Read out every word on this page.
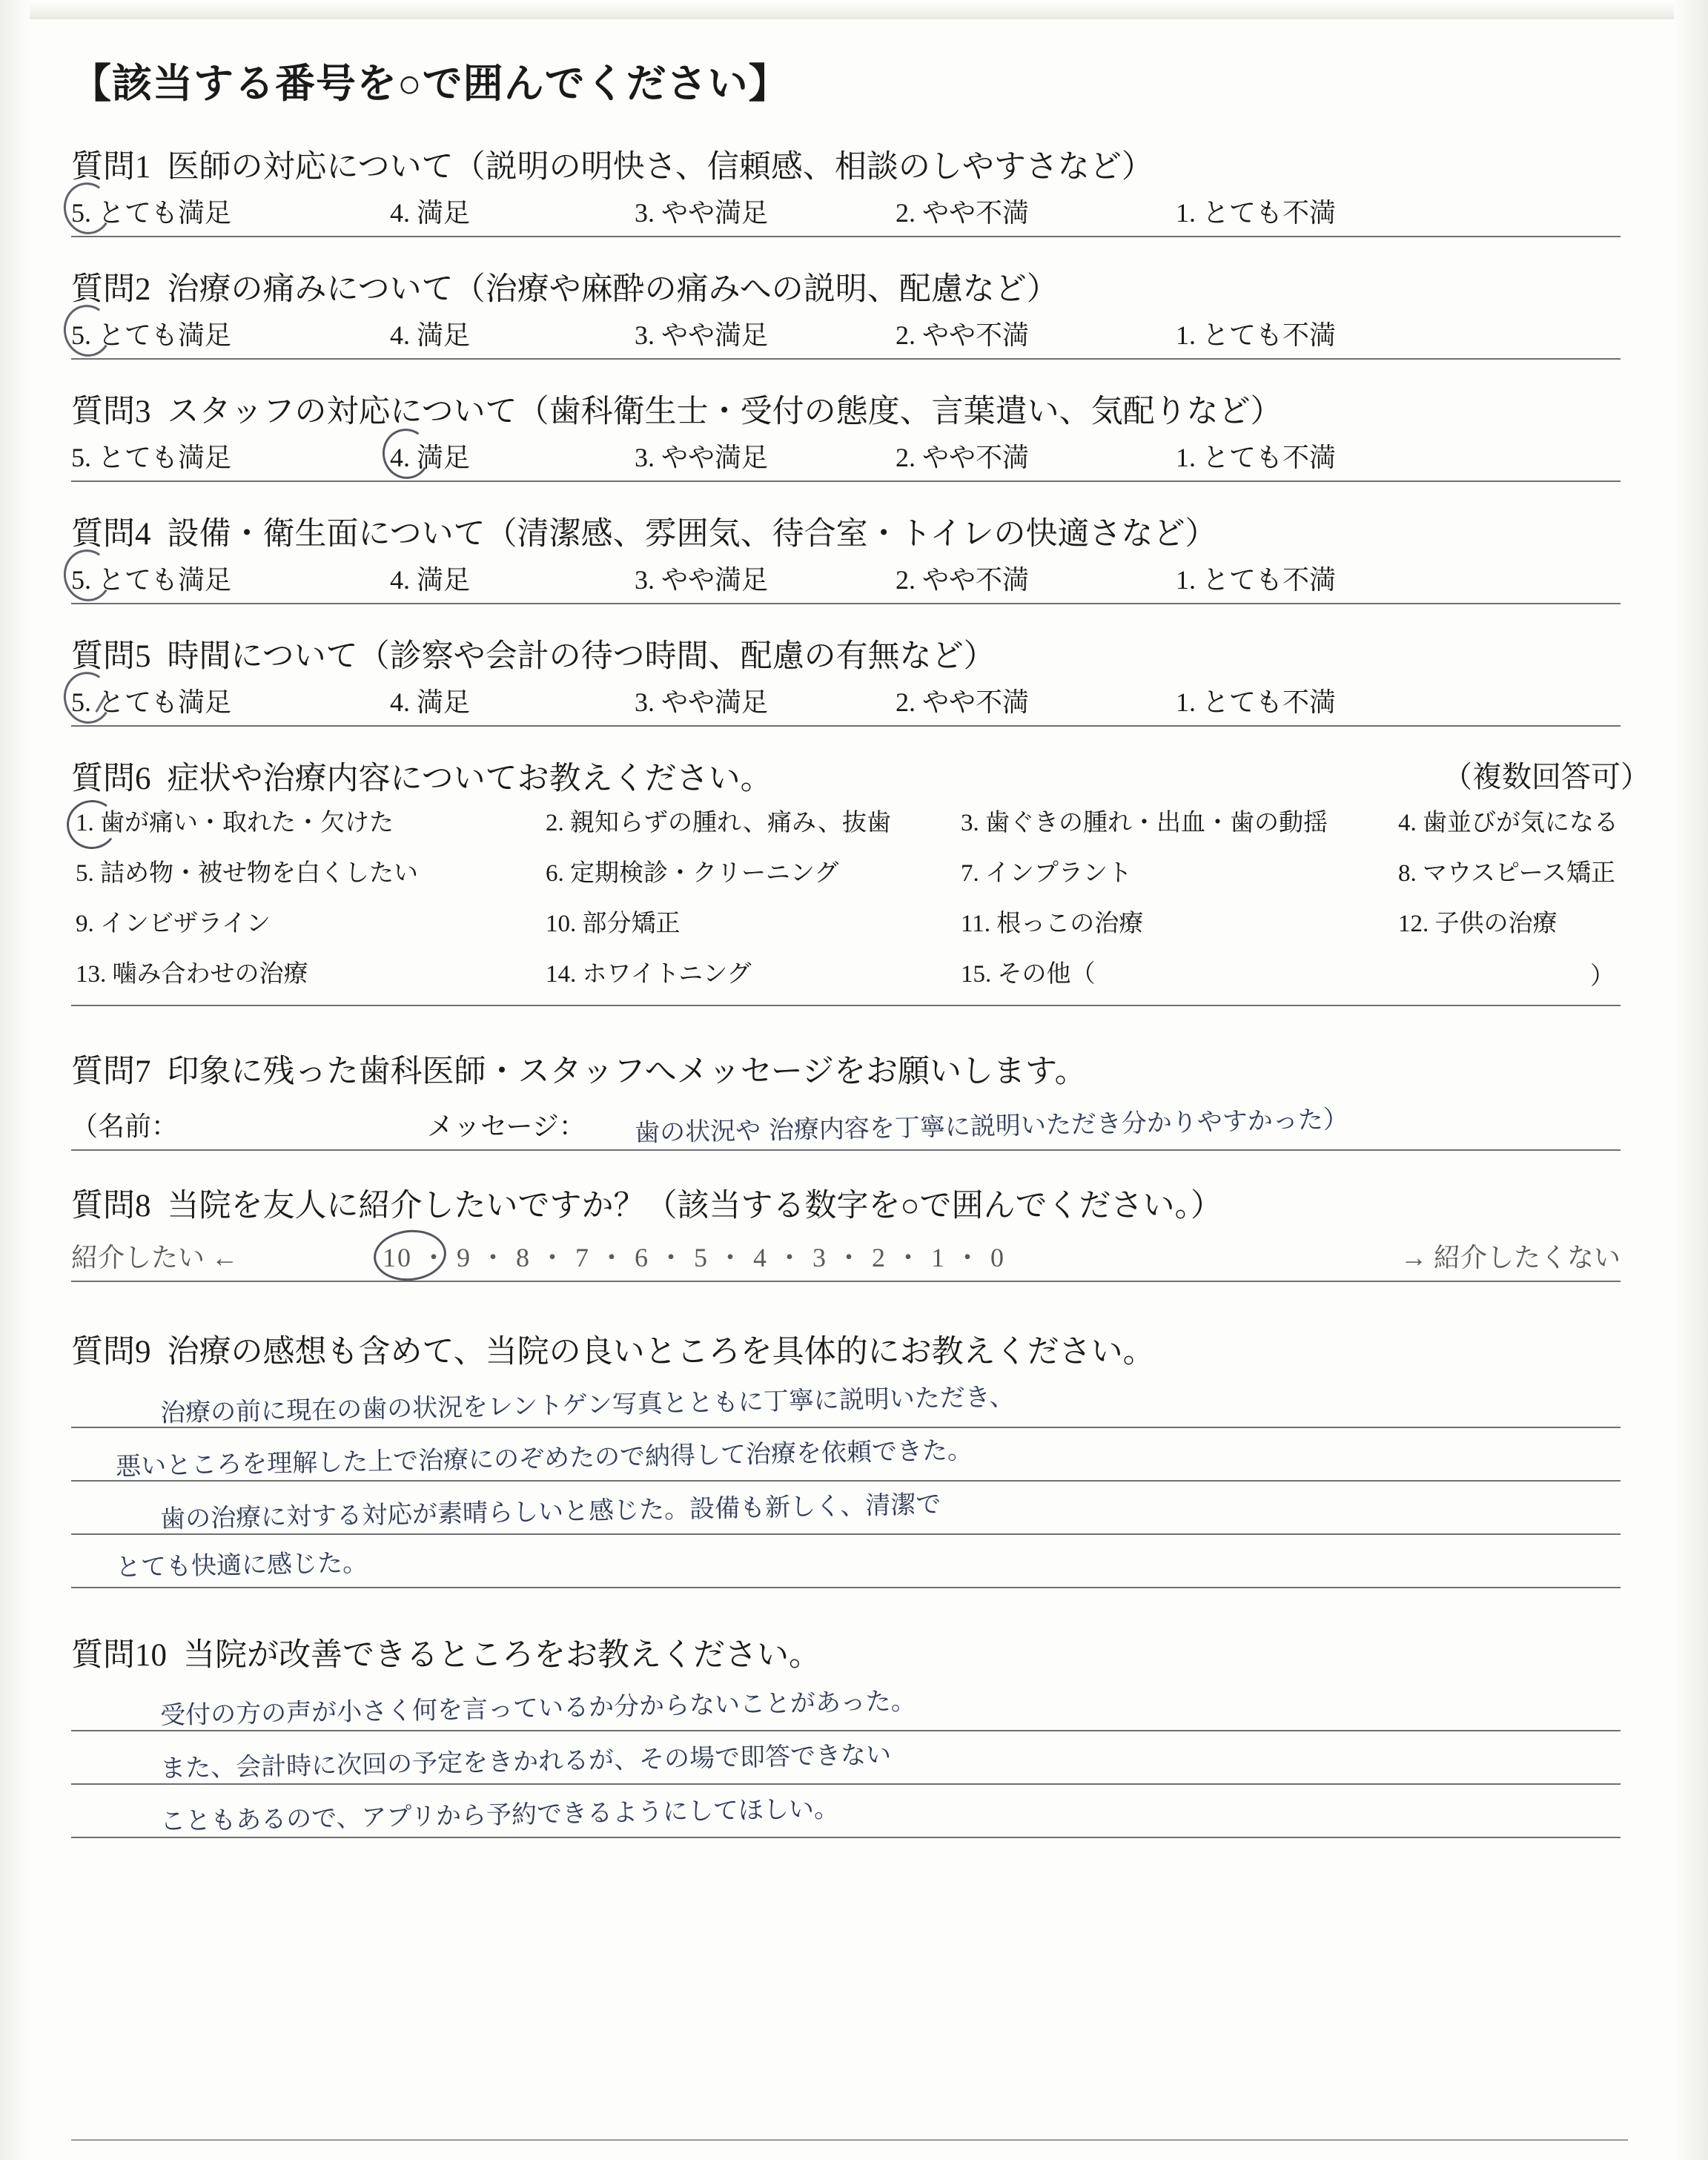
【該当する番号を○で囲んでください】

質問1 医師の対応について（説明の明快さ、信頼感、相談のしやすさなど）

5. とても満足	4. 満足	3. やや満足	2. やや不満	1. とても不満

質問2 治療の痛みについて（治療や麻酔の痛みへの説明、配慮など）

5. とても満足	4. 満足	3. やや満足	2. やや不満	1. とても不満

質問3 スタッフの対応について（歯科衛生士・受付の態度、言葉遣い、気配りなど）

5. とても満足	4. 満足	3. やや満足	2. やや不満	1. とても不満

質問4 設備・衛生面について（清潔感、雰囲気、待合室・トイレの快適さなど）

5. とても満足	4. 満足	3. やや満足	2. やや不満	1. とても不満

質問5 時間について（診察や会計の待つ時間、配慮の有無など）

5. とても満足	4. 満足	3. やや満足	2. やや不満	1. とても不満

質問6 症状や治療内容についてお教えください。	（複数回答可）
1. 歯が痛い・取れた・欠けた	2. 親知らずの腫れ、痛み、抜歯	3. 歯ぐきの腫れ・出血・歯の動揺	4. 歯並びが気になる
5. 詰め物・被せ物を白くしたい	6. 定期検診・クリーニング	7. インプラント	8. マウスピース矯正
9. インビザライン	10. 部分矯正	11. 根っこの治療	12. 子供の治療
13. 噛み合わせの治療	14. ホワイトニング	15. その他（	）

質問7 印象に残った歯科医師・スタッフへメッセージをお願いします。

（名前：	メッセージ： 歯の状況や 治療内容を丁寧に説明いただき分かりやすかった）

質問8 当院を友人に紹介したいですか？（該当する数字を○で囲んでください。）

紹介したい ←	10 ・ 9 ・ 8 ・ 7 ・ 6 ・ 5 ・ 4 ・ 3 ・ 2 ・ 1 ・ 0	→ 紹介したくない

質問9 治療の感想も含めて、当院の良いところを具体的にお教えください。

治療の前に現在の歯の状況をレントゲン写真とともに丁寧に説明いただき、
悪いところを理解した上で治療にのぞめたので納得して治療を依頼できた。
歯の治療に対する対応が素晴らしいと感じた。設備も新しく、清潔で
とても快適に感じた。

質問10 当院が改善できるところをお教えください。

受付の方の声が小さく何を言っているか分からないことがあった。
また、会計時に次回の予定をきかれるが、その場で即答できない
こともあるので、アプリから予約できるようにしてほしい。
